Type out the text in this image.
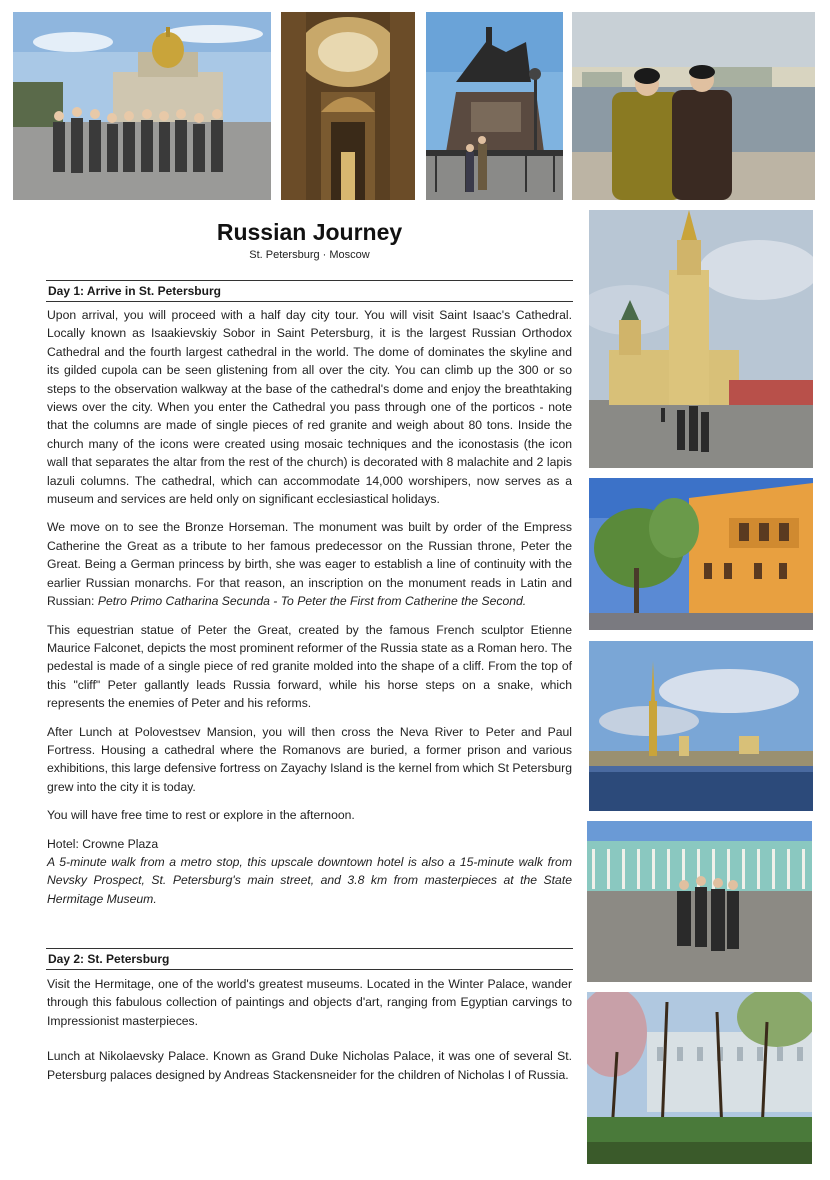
Russian Journey
St. Petersburg · Moscow
Day 1: Arrive in St. Petersburg

Upon arrival, you will proceed with a half day city tour. You will visit Saint Isaac's Cathedral. Locally known as Isaakievskiy Sobor in Saint Petersburg, it is the largest Russian Orthodox Cathedral and the fourth largest cathedral in the world. The dome of dominates the skyline and its gilded cupola can be seen glistening from all over the city. You can climb up the 300 or so steps to the observation walkway at the base of the cathedral's dome and enjoy the breathtaking views over the city. When you enter the Cathedral you pass through one of the porticos - note that the columns are made of single pieces of red granite and weigh about 80 tons. Inside the church many of the icons were created using mosaic techniques and the iconostasis (the icon wall that separates the altar from the rest of the church) is decorated with 8 malachite and 2 lapis lazuli columns. The cathedral, which can accommodate 14,000 worshipers, now serves as a museum and services are held only on significant ecclesiastical holidays.

We move on to see the Bronze Horseman. The monument was built by order of the Empress Catherine the Great as a tribute to her famous predecessor on the Russian throne, Peter the Great. Being a German princess by birth, she was eager to establish a line of continuity with the earlier Russian monarchs. For that reason, an inscription on the monument reads in Latin and Russian: Petro Primo Catharina Secunda - To Peter the First from Catherine the Second.

This equestrian statue of Peter the Great, created by the famous French sculptor Etienne Maurice Falconet, depicts the most prominent reformer of the Russia state as a Roman hero. The pedestal is made of a single piece of red granite molded into the shape of a cliff. From the top of this "cliff" Peter gallantly leads Russia forward, while his horse steps on a snake, which represents the enemies of Peter and his reforms.

After Lunch at Polovestsev Mansion, you will then cross the Neva River to Peter and Paul Fortress. Housing a cathedral where the Romanovs are buried, a former prison and various exhibitions, this large defensive fortress on Zayachy Island is the kernel from which St Petersburg grew into the city it is today.

You will have free time to rest or explore in the afternoon.

Hotel: Crowne Plaza
A 5-minute walk from a metro stop, this upscale downtown hotel is also a 15-minute walk from Nevsky Prospect, St. Petersburg's main street, and 3.8 km from masterpieces at the State Hermitage Museum.

Day 2: St. Petersburg

Visit the Hermitage, one of the world's greatest museums. Located in the Winter Palace, wander through this fabulous collection of paintings and objects d'art, ranging from Egyptian carvings to Impressionist masterpieces.

Lunch at Nikolaevsky Palace. Known as Grand Duke Nicholas Palace, it was one of several St. Petersburg palaces designed by Andreas Stackensneider for the children of Nicholas I of Russia.
